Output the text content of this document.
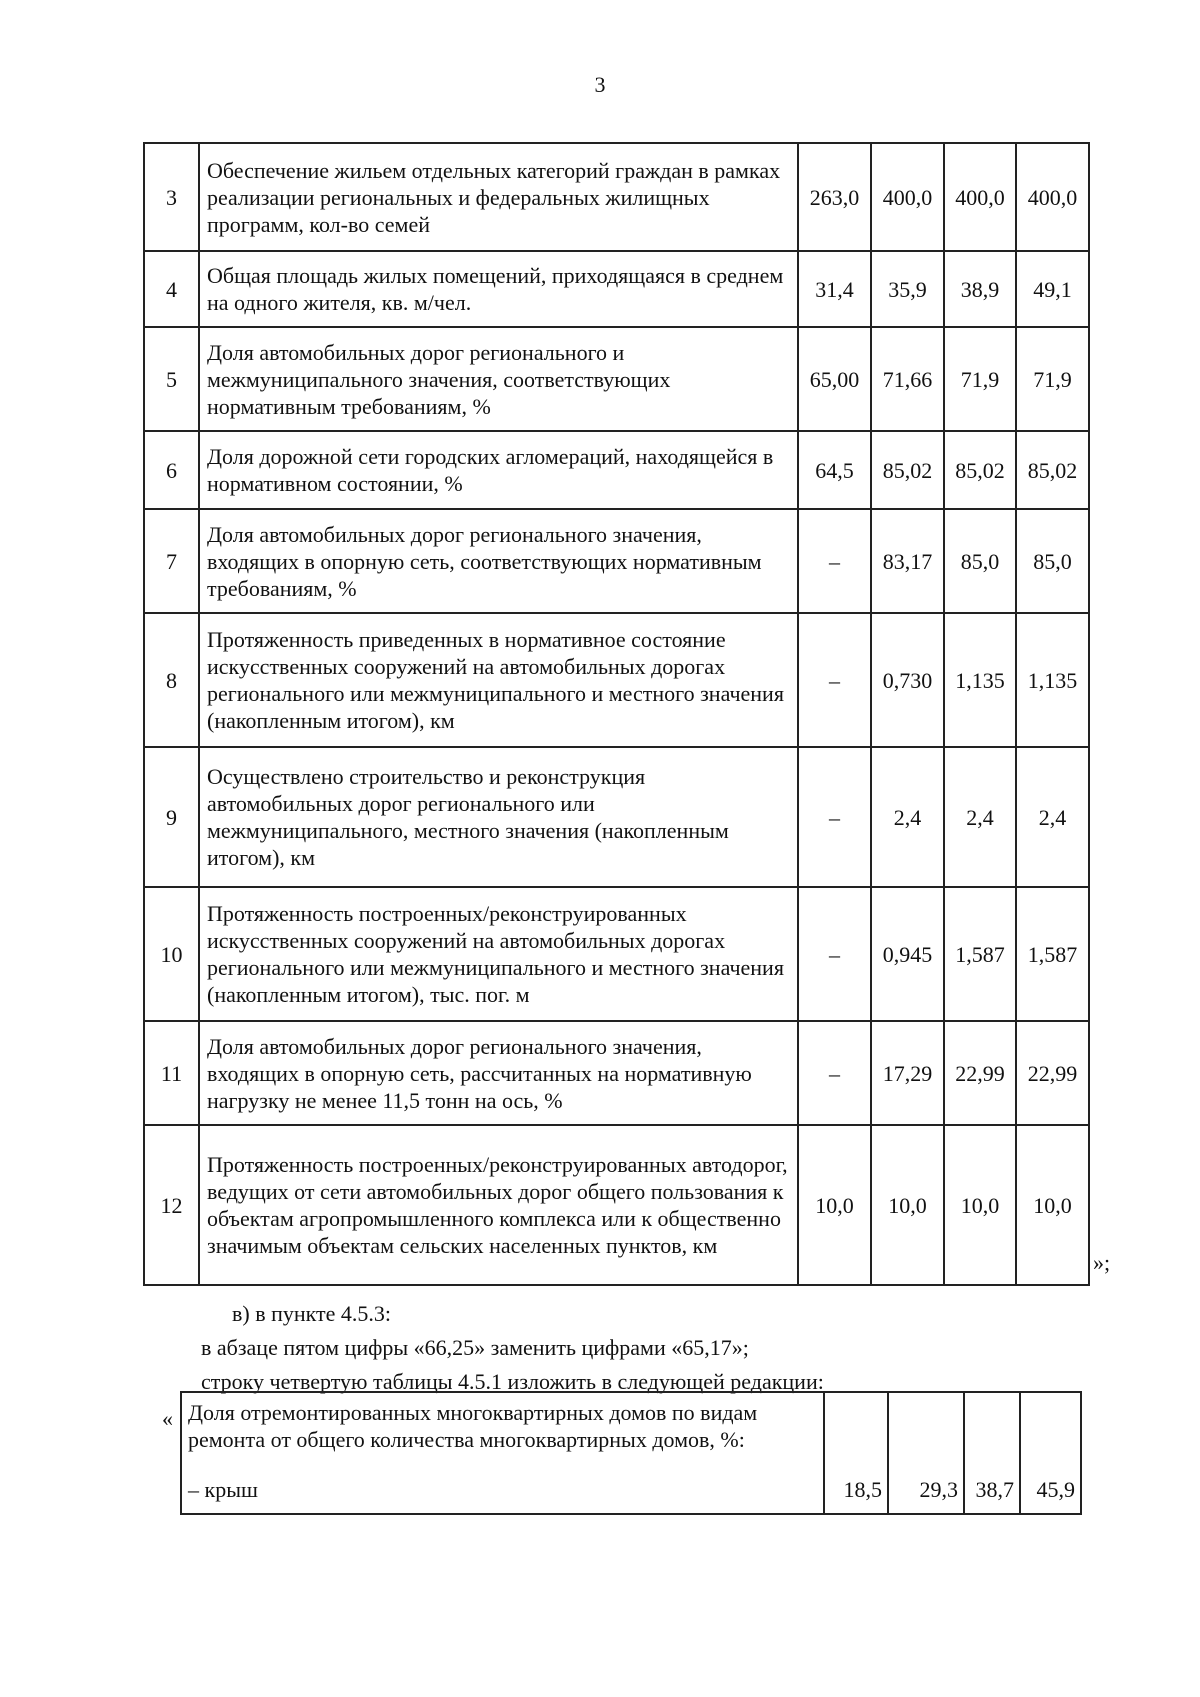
3
3	Обеспечение жильем отдельных категорий граждан в рамках реализации региональных и федеральных жилищных программ, кол-во семей	263,0	400,0	400,0	400,0
4	Общая площадь жилых помещений, приходящаяся в среднем на одного жителя, кв. м/чел.	31,4	35,9	38,9	49,1
5	Доля автомобильных дорог регионального и межмуниципального значения, соответствующих нормативным требованиям, %	65,00	71,66	71,9	71,9
6	Доля дорожной сети городских агломераций, находящейся в нормативном состоянии, %	64,5	85,02	85,02	85,02
7	Доля автомобильных дорог регионального значения, входящих в опорную сеть, соответствующих нормативным требованиям, %	–	83,17	85,0	85,0
8	Протяженность приведенных в нормативное состояние искусственных сооружений на автомобильных дорогах регионального или межмуниципального и местного значения (накопленным итогом), км	–	0,730	1,135	1,135
9	Осуществлено строительство и реконструкция автомобильных дорог регионального или межмуниципального, местного значения (накопленным итогом), км	–	2,4	2,4	2,4
10	Протяженность построенных/реконструированных искусственных сооружений на автомобильных дорогах регионального или межмуниципального и местного значения (накопленным итогом), тыс. пог. м	–	0,945	1,587	1,587
11	Доля автомобильных дорог регионального значения, входящих в опорную сеть, рассчитанных на нормативную нагрузку не менее 11,5 тонн на ось, %	–	17,29	22,99	22,99
12	Протяженность построенных/реконструированных автодорог, ведущих от сети автомобильных дорог общего пользования к объектам агропромышленного комплекса или к общественно значимым объектам сельских населенных пунктов, км	10,0	10,0	10,0	10,0
»;
в) в пункте 4.5.3:
в абзаце пятом цифры «66,25» заменить цифрами «65,17»;
строку четвертую таблицы 4.5.1 изложить в следующей редакции:
« Доля отремонтированных многоквартирных домов по видам ремонта от общего количества многоквартирных домов, %:				
– крыш	18,5	29,3	38,7	45,9
